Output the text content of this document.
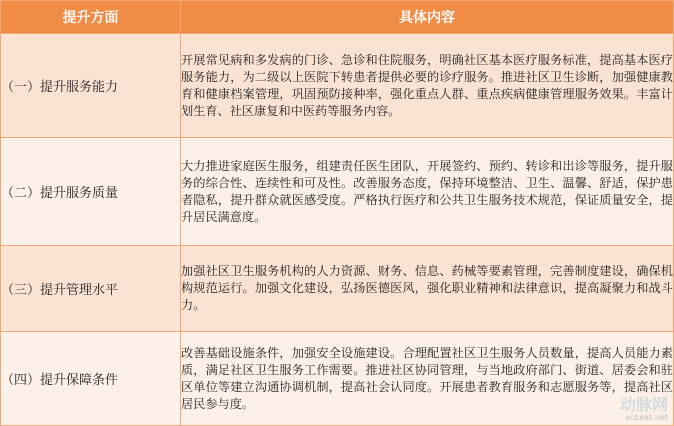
提升方面	具体内容
（一）提升服务能力	开展常见病和多发病的门诊、急诊和住院服务，明确社区基本医疗服务标准，提高基本医疗服务能力，为二级以上医院下转患者提供必要的诊疗服务。推进社区卫生诊断，加强健康教育和健康档案管理，巩固预防接种率，强化重点人群、重点疾病健康管理服务效果。丰富计划生育、社区康复和中医药等服务内容。
（二）提升服务质量	大力推进家庭医生服务，组建责任医生团队，开展签约、预约、转诊和出诊等服务，提升服务的综合性、连续性和可及性。改善服务态度，保持环境整洁、卫生、温馨、舒适，保护患者隐私，提升群众就医感受度。严格执行医疗和公共卫生服务技术规范，保证质量安全，提升居民满意度。
（三）提升管理水平	加强社区卫生服务机构的人力资源、财务、信息、药械等要素管理，完善制度建设，确保机构规范运行。加强文化建设，弘扬医德医风，强化职业精神和法律意识，提高凝聚力和战斗力。
（四）提升保障条件	改善基础设施条件，加强安全设施建设。合理配置社区卫生服务人员数量，提高人员能力素质，满足社区卫生服务工作需要。推进社区协同管理，与当地政府部门、街道、居委会和驻区单位等建立沟通协调机制，提高社会认同度。开展患者教育服务和志愿服务等，提高社区居民参与度。	动脉网
vcbeat.net
